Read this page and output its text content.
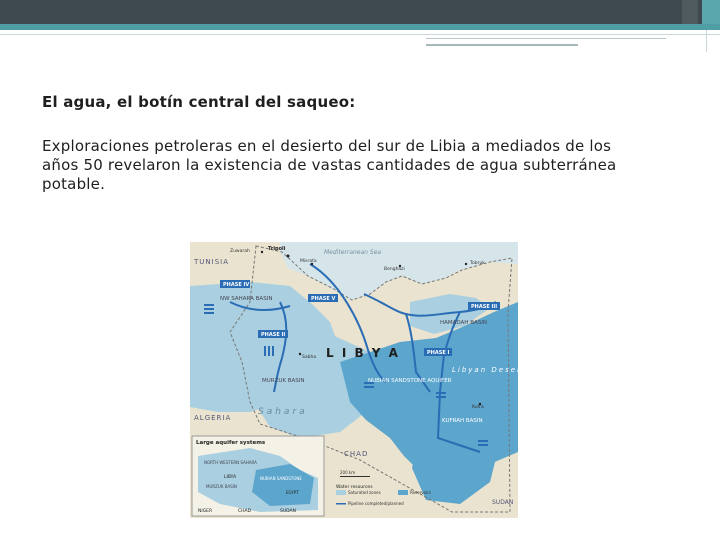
El agua, el botín central del saqueo:
Exploraciones petroleras en el desierto del sur de Libia a mediados de los
años 50 revelaron la existencia de vastas cantidades de agua subterránea
potable.
PHASE IV
PHASE V
PHASE II
PHASE III
PHASE I
TUNISIA
ALGERIA
CHAD
SUDAN
Mediterranean Sea
L I B Y A
NW SAHARA BASIN
HAMADAH BASIN
MURZUK BASIN	NUBIAN SANDSTONE AQUIFER
KUFRAH BASIN
Sahara
Libyan Desert
Tripoli
Zuwarah
Misrata
Benghazi
Tobruk
Sabha
Kufra
Large aquifer systems
NORTH WESTERN SAHARA
LIBYA	NUBIAN SANDSTONE
EGYPT
MURZUK BASIN
NIGER	CHAD	SUDAN
200 km
Water resources
Saturated zones	Reservoirs
Pipeline completed/planned
